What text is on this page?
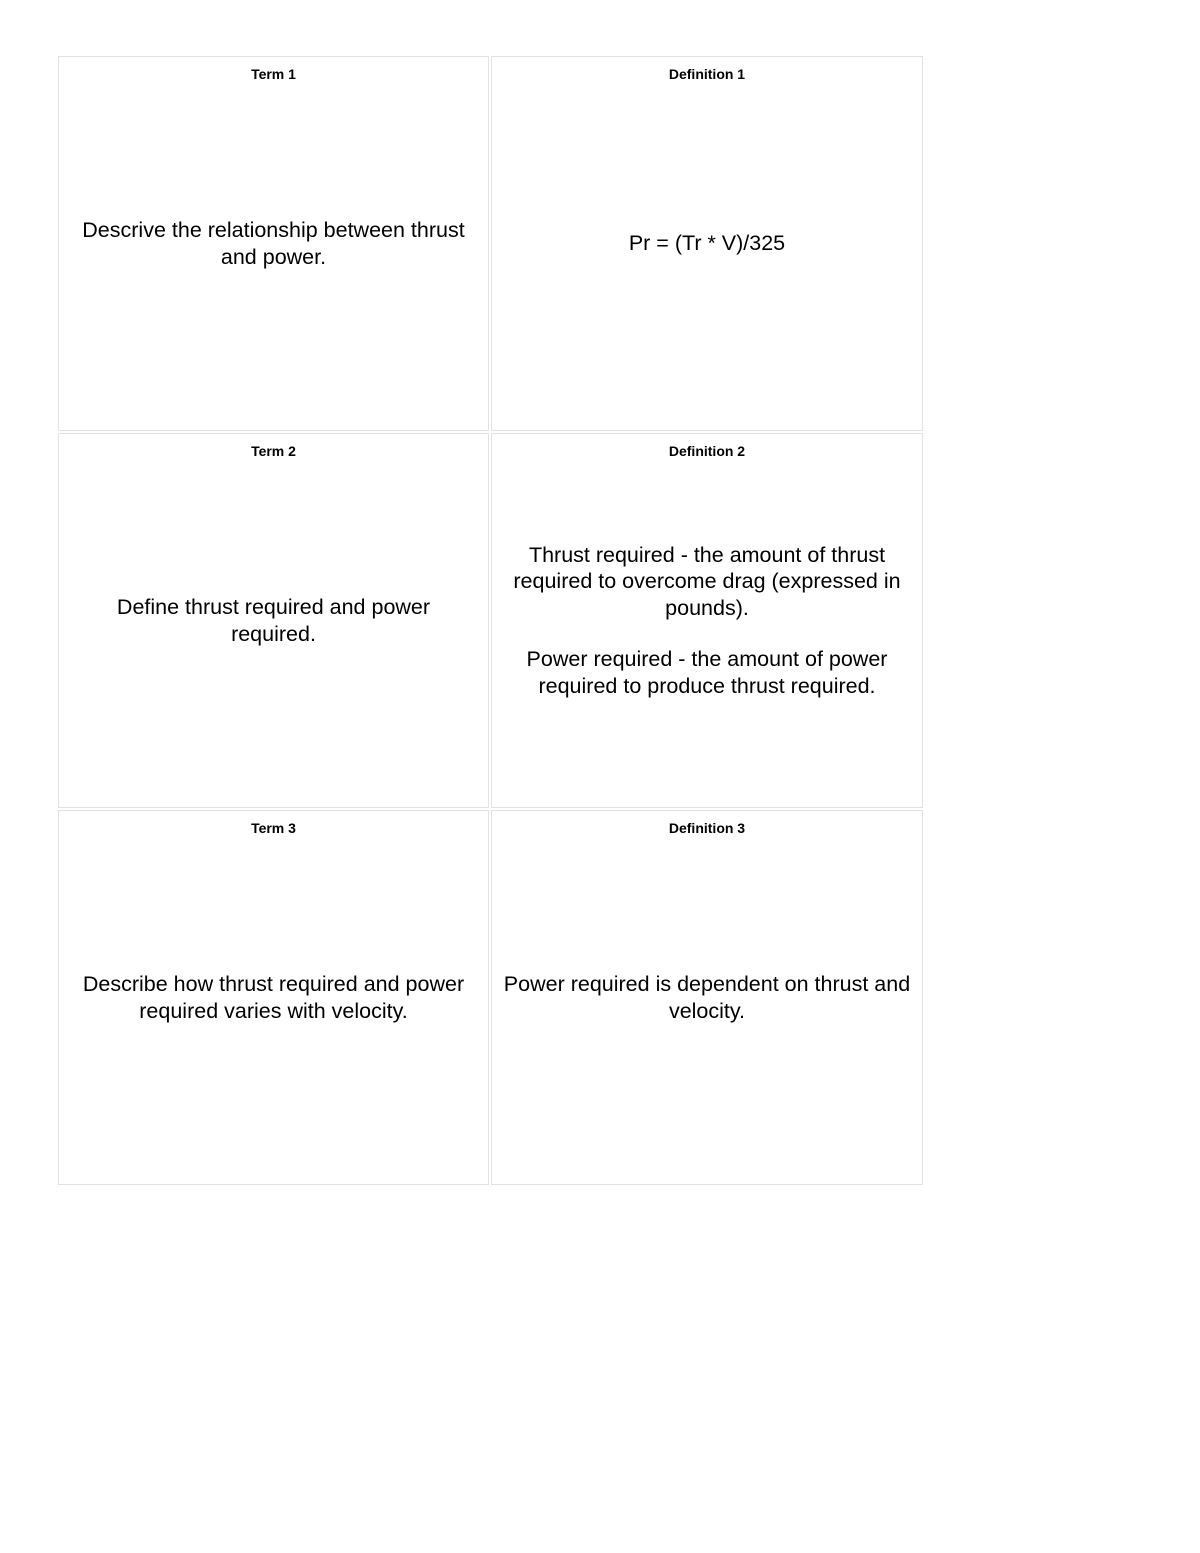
Term 1

Descrive the relationship between thrust and power.

Definition 1

Pr = (Tr * V)/325

Term 2

Define thrust required and power required.

Definition 2

Thrust required - the amount of thrust required to overcome drag (expressed in pounds).

Power required - the amount of power required to produce thrust required.

Term 3

Describe how thrust required and power required varies with velocity.

Definition 3

Power required is dependent on thrust and velocity.
